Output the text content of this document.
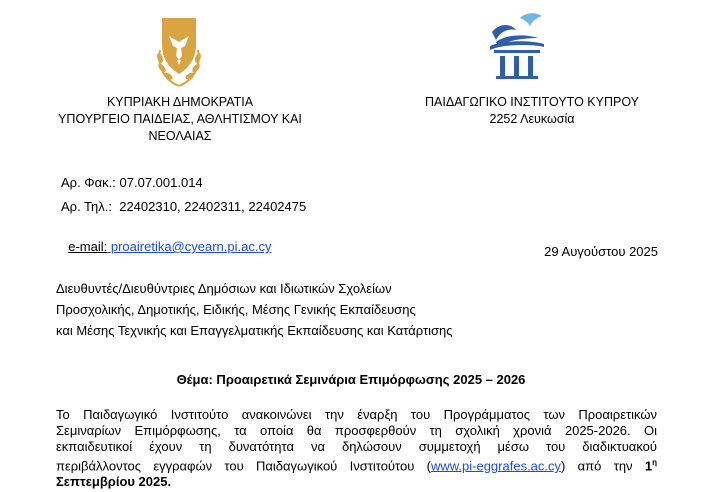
ΚΥΠΡΙΑΚΗ ΔΗΜΟΚΡΑΤΙΑ
ΥΠΟΥΡΓΕΙΟ ΠΑΙΔΕΙΑΣ, ΑΘΛΗΤΙΣΜΟΥ ΚΑΙ
ΝΕΟΛΑΙΑΣ
ΠΑΙΔΑΓΩΓΙΚΟ ΙΝΣΤΙΤΟΥΤΟ ΚΥΠΡΟΥ
2252 Λευκωσία
Αρ. Φακ.: 07.07.001.014
Αρ. Τηλ.:  22402310, 22402311, 22402475

e-mail: proairetika@cyearn.pi.ac.cy	29 Αυγούστου 2025
Διευθυντές/Διευθύντριες Δημόσιων και Ιδιωτικών Σχολείων
Προσχολικής, Δημοτικής, Ειδικής, Μέσης Γενικής Εκπαίδευσης
και Μέσης Τεχνικής και Επαγγελματικής Εκπαίδευσης και Κατάρτισης
Θέμα: Προαιρετικά Σεμινάρια Επιμόρφωσης 2025 – 2026
Το Παιδαγωγικό Ινστιτούτο ανακοινώνει την έναρξη του Προγράμματος των Προαιρετικών
Σεμιναρίων Επιμόρφωσης, τα οποία θα προσφερθούν τη σχολική χρονιά 2025-2026. Οι
εκπαιδευτικοί έχουν τη δυνατότητα να δηλώσουν συμμετοχή μέσω του διαδικτυακού
περιβάλλοντος εγγραφών του Παιδαγωγικού Ινστιτούτου (www.pi-eggrafes.ac.cy) από την $1^\eta$
Σεπτεμβρίου 2025.
